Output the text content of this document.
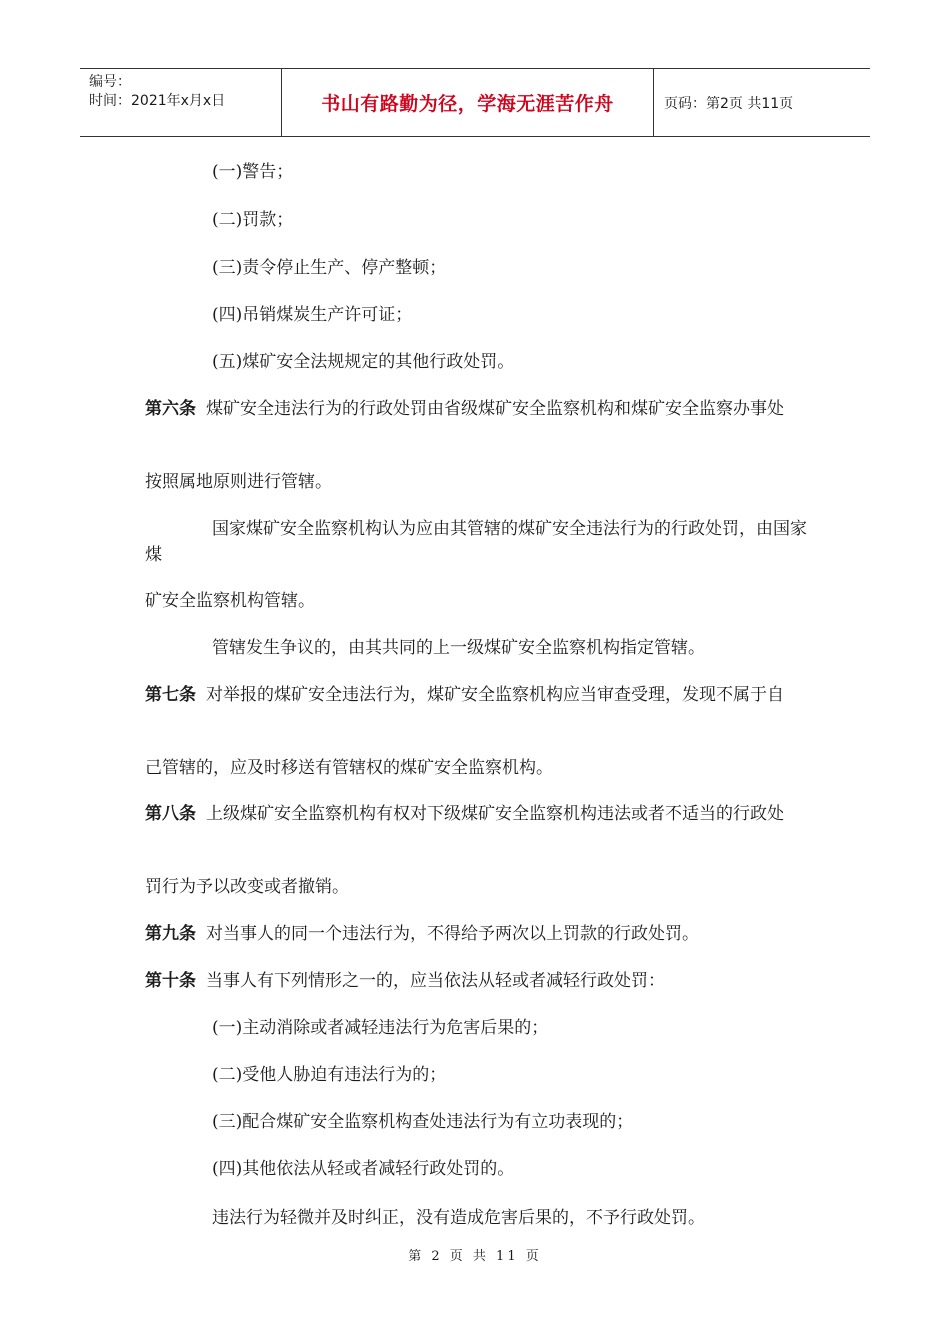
编号：
时间：2021年x月x日	书山有路勤为径，学海无涯苦作舟	页码：第2页 共11页

(一)警告；

(二)罚款；

(三)责令停止生产、停产整顿；

(四)吊销煤炭生产许可证；

(五)煤矿安全法规规定的其他行政处罚。

第六条 煤矿安全违法行为的行政处罚由省级煤矿安全监察机构和煤矿安全监察办事处

按照属地原则进行管辖。

国家煤矿安全监察机构认为应由其管辖的煤矿安全违法行为的行政处罚，由国家煤

矿安全监察机构管辖。

管辖发生争议的，由其共同的上一级煤矿安全监察机构指定管辖。

第七条 对举报的煤矿安全违法行为，煤矿安全监察机构应当审查受理，发现不属于自

己管辖的，应及时移送有管辖权的煤矿安全监察机构。

第八条 上级煤矿安全监察机构有权对下级煤矿安全监察机构违法或者不适当的行政处

罚行为予以改变或者撤销。

第九条 对当事人的同一个违法行为，不得给予两次以上罚款的行政处罚。

第十条 当事人有下列情形之一的，应当依法从轻或者减轻行政处罚：

(一)主动消除或者减轻违法行为危害后果的；

(二)受他人胁迫有违法行为的；

(三)配合煤矿安全监察机构查处违法行为有立功表现的；

(四)其他依法从轻或者减轻行政处罚的。

违法行为轻微并及时纠正，没有造成危害后果的，不予行政处罚。

第 2 页 共 11 页
